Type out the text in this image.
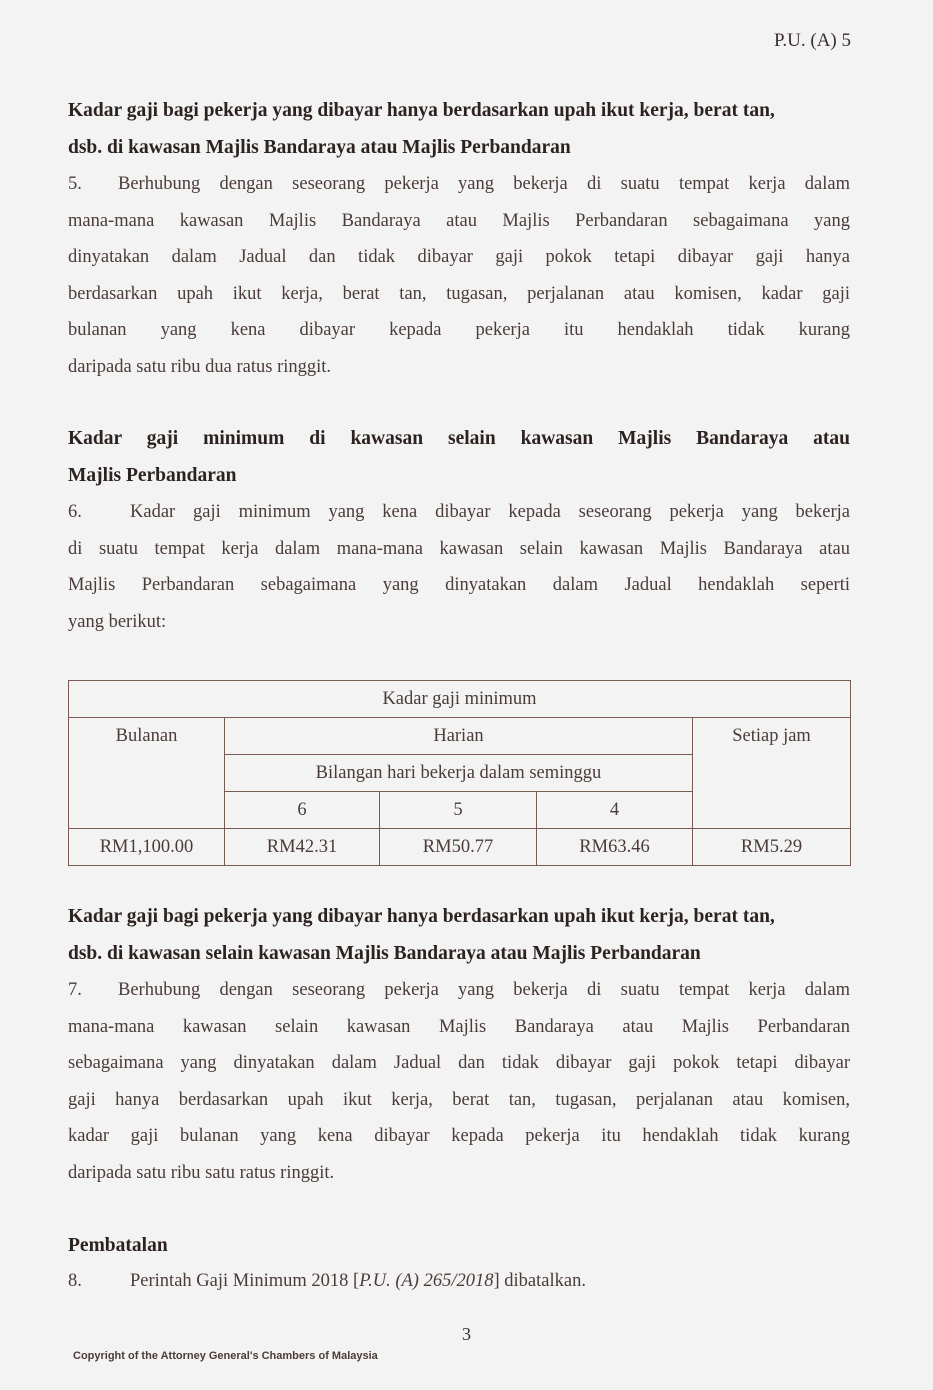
P.U. (A) 5
Kadar gaji bagi pekerja yang dibayar hanya berdasarkan upah ikut kerja, berat tan,
dsb. di kawasan Majlis Bandaraya atau Majlis Perbandaran
5. Berhubung dengan seseorang pekerja yang bekerja di suatu tempat kerja dalam
mana-mana kawasan Majlis Bandaraya atau Majlis Perbandaran sebagaimana yang
dinyatakan dalam Jadual dan tidak dibayar gaji pokok tetapi dibayar gaji hanya
berdasarkan upah ikut kerja, berat tan, tugasan, perjalanan atau komisen, kadar gaji
bulanan yang kena dibayar kepada pekerja itu hendaklah tidak kurang
daripada satu ribu dua ratus ringgit.
Kadar gaji minimum di kawasan selain kawasan Majlis Bandaraya atau
Majlis Perbandaran
6.	Kadar gaji minimum yang kena dibayar kepada seseorang pekerja yang bekerja
di suatu tempat kerja dalam mana-mana kawasan selain kawasan Majlis Bandaraya atau
Majlis Perbandaran sebagaimana yang dinyatakan dalam Jadual hendaklah seperti
yang berikut:
Kadar gaji minimum				
Bulanan	Harian			Setiap jam
	Bilangan hari bekerja dalam seminggu			
	6	5	4	
RM1,100.00	RM42.31	RM50.77	RM63.46	RM5.29
Kadar gaji bagi pekerja yang dibayar hanya berdasarkan upah ikut kerja, berat tan,
dsb. di kawasan selain kawasan Majlis Bandaraya atau Majlis Perbandaran
7. Berhubung dengan seseorang pekerja yang bekerja di suatu tempat kerja dalam
mana-mana kawasan selain kawasan Majlis Bandaraya atau Majlis Perbandaran
sebagaimana yang dinyatakan dalam Jadual dan tidak dibayar gaji pokok tetapi dibayar
gaji hanya berdasarkan upah ikut kerja, berat tan, tugasan, perjalanan atau komisen,
kadar gaji bulanan yang kena dibayar kepada pekerja itu hendaklah tidak kurang
daripada satu ribu satu ratus ringgit.
Pembatalan
8.	Perintah Gaji Minimum 2018 [P.U. (A) 265/2018] dibatalkan.
3
Copyright of the Attorney General's Chambers of Malaysia
